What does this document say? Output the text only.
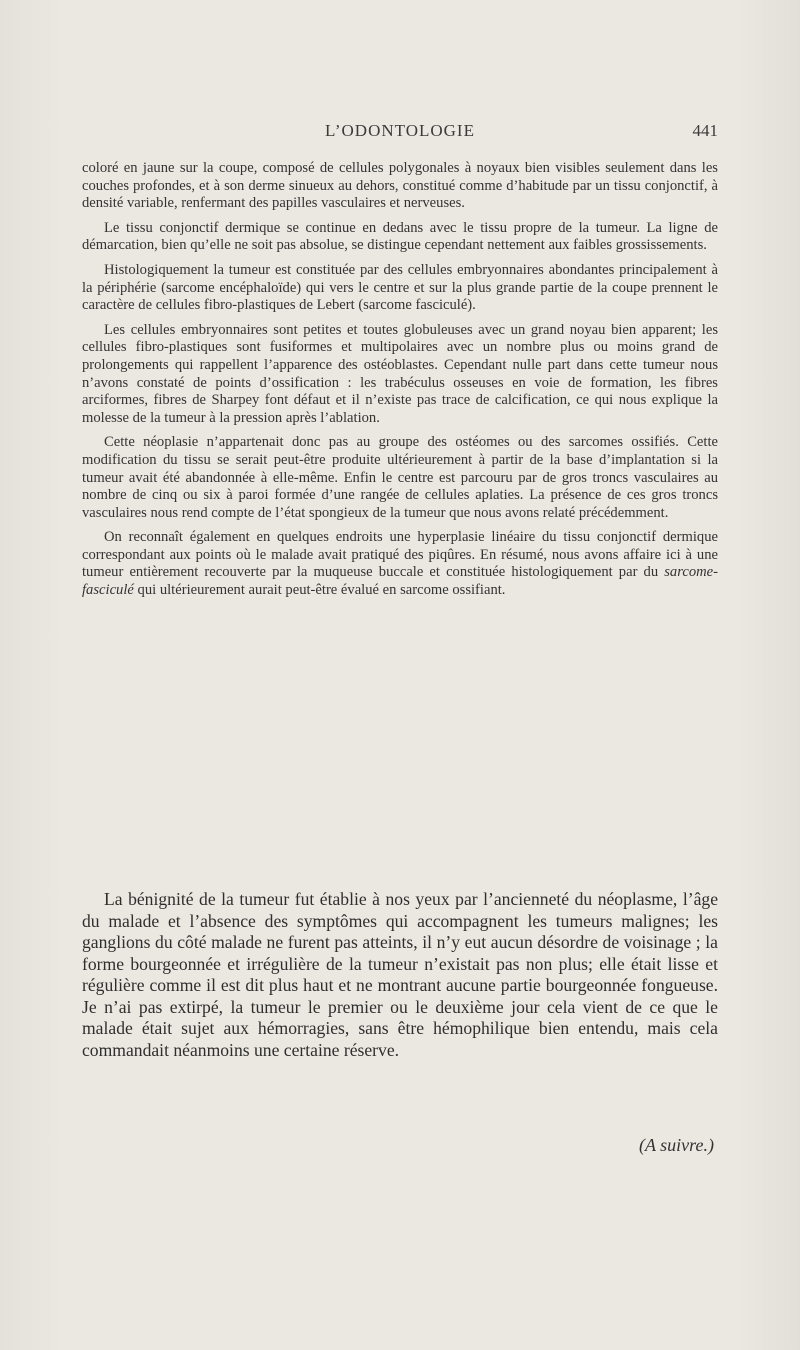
L’ODONTOLOGIE	441

coloré en jaune sur la coupe, composé de cellules polygonales à noyaux bien visibles seulement dans les couches profondes, et à son derme sinueux au dehors, constitué comme d’habitude par un tissu conjonctif, à densité variable, renfermant des papilles vasculaires et nerveuses.

Le tissu conjonctif dermique se continue en dedans avec le tissu propre de la tumeur. La ligne de démarcation, bien qu’elle ne soit pas absolue, se distingue cependant nettement aux faibles grossissements.

Histologiquement la tumeur est constituée par des cellules embryonnaires abondantes principalement à la périphérie (sarcome encéphaloïde) qui vers le centre et sur la plus grande partie de la coupe prennent le caractère de cellules fibro-plastiques de Lebert (sarcome fasciculé).

Les cellules embryonnaires sont petites et toutes globuleuses avec un grand noyau bien apparent; les cellules fibro-plastiques sont fusiformes et multipolaires avec un nombre plus ou moins grand de prolongements qui rappellent l’apparence des ostéoblastes. Cependant nulle part dans cette tumeur nous n’avons constaté de points d’ossification : les trabéculus osseuses en voie de formation, les fibres arciformes, fibres de Sharpey font défaut et il n’existe pas trace de calcification, ce qui nous explique la molesse de la tumeur à la pression après l’ablation.

Cette néoplasie n’appartenait donc pas au groupe des ostéomes ou des sarcomes ossifiés. Cette modification du tissu se serait peut-être produite ultérieurement à partir de la base d’implantation si la tumeur avait été abandonnée à elle-même. Enfin le centre est parcouru par de gros troncs vasculaires au nombre de cinq ou six à paroi formée d’une rangée de cellules aplaties. La présence de ces gros troncs vasculaires nous rend compte de l’état spongieux de la tumeur que nous avons relaté précédemment.

On reconnaît également en quelques endroits une hyperplasie linéaire du tissu conjonctif dermique correspondant aux points où le malade avait pratiqué des piqûres. En résumé, nous avons affaire ici à une tumeur entièrement recouverte par la muqueuse buccale et constituée histologiquement par du sarcome-fasciculé qui ultérieurement aurait peut-être évalué en sarcome ossifiant.

La bénignité de la tumeur fut établie à nos yeux par l’ancienneté du néoplasme, l’âge du malade et l’absence des symptômes qui accompagnent les tumeurs malignes; les ganglions du côté malade ne furent pas atteints, il n’y eut aucun désordre de voisinage ; la forme bourgeonnée et irrégulière de la tumeur n’existait pas non plus; elle était lisse et régulière comme il est dit plus haut et ne montrant aucune partie bourgeonnée fongueuse. Je n’ai pas extirpé, la tumeur le premier ou le deuxième jour cela vient de ce que le malade était sujet aux hémorragies, sans être hémophilique bien entendu, mais cela commandait néanmoins une certaine réserve.

(A suivre.)
